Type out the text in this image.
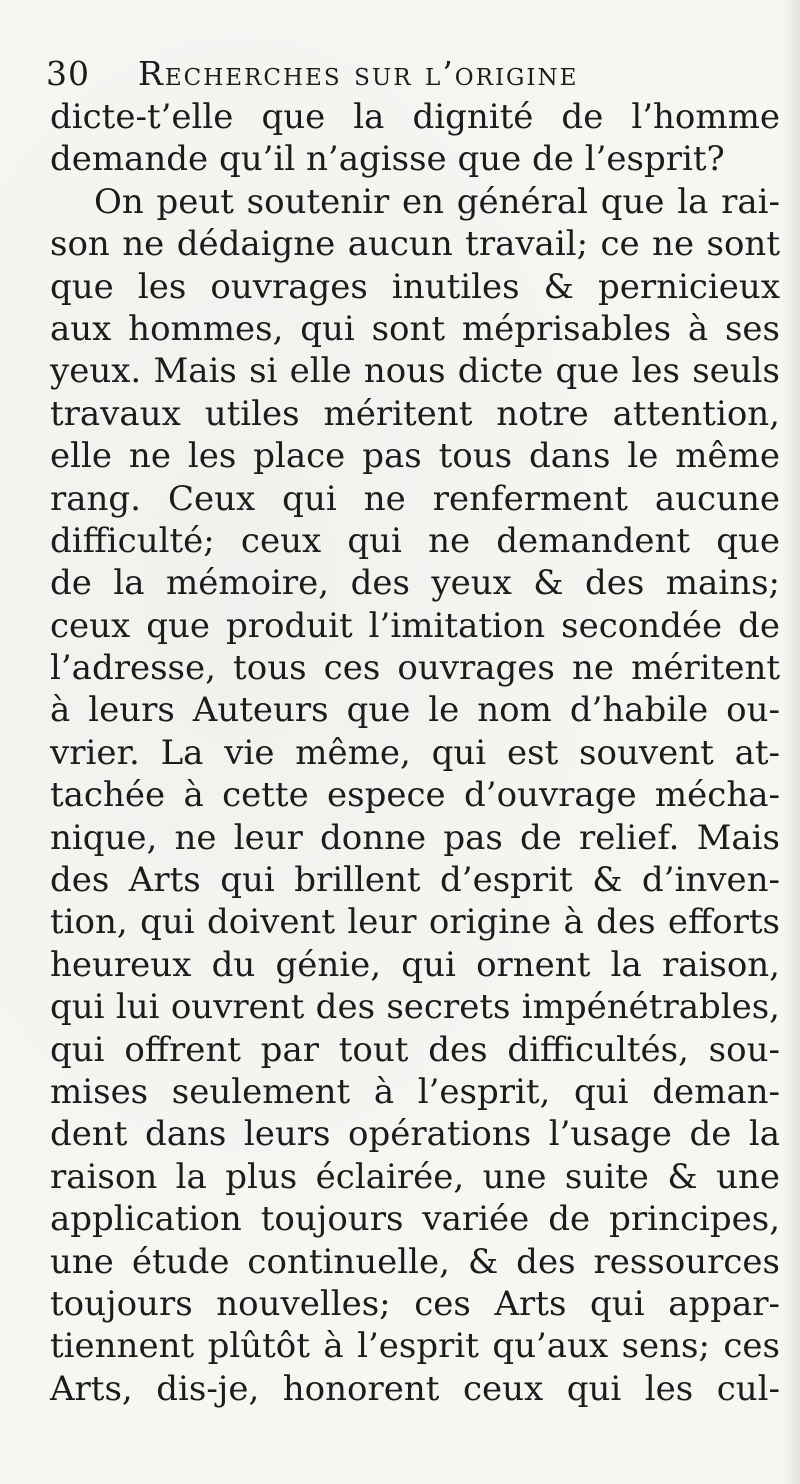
30 Recherches sur l’origine
dicte-t’elle que la dignité de l’homme
demande qu’il n’agisse que de l’esprit?
On peut soutenir en général que la rai-
son ne dédaigne aucun travail; ce ne sont
que les ouvrages inutiles & pernicieux
aux hommes, qui sont méprisables à ses
yeux. Mais si elle nous dicte que les seuls
travaux utiles méritent notre attention,
elle ne les place pas tous dans le même
rang. Ceux qui ne renferment aucune
difficulté; ceux qui ne demandent que
de la mémoire, des yeux & des mains;
ceux que produit l’imitation secondée de
l’adresse, tous ces ouvrages ne méritent
à leurs Auteurs que le nom d’habile ou-
vrier. La vie même, qui est souvent at-
tachée à cette espece d’ouvrage mécha-
nique, ne leur donne pas de relief. Mais
des Arts qui brillent d’esprit & d’inven-
tion, qui doivent leur origine à des efforts
heureux du génie, qui ornent la raison,
qui lui ouvrent des secrets impénétrables,
qui offrent par tout des difficultés, sou-
mises seulement à l’esprit, qui deman-
dent dans leurs opérations l’usage de la
raison la plus éclairée, une suite & une
application toujours variée de principes,
une étude continuelle, & des ressources
toujours nouvelles; ces Arts qui appar-
tiennent plûtôt à l’esprit qu’aux sens; ces
Arts, dis-je, honorent ceux qui les cul-
